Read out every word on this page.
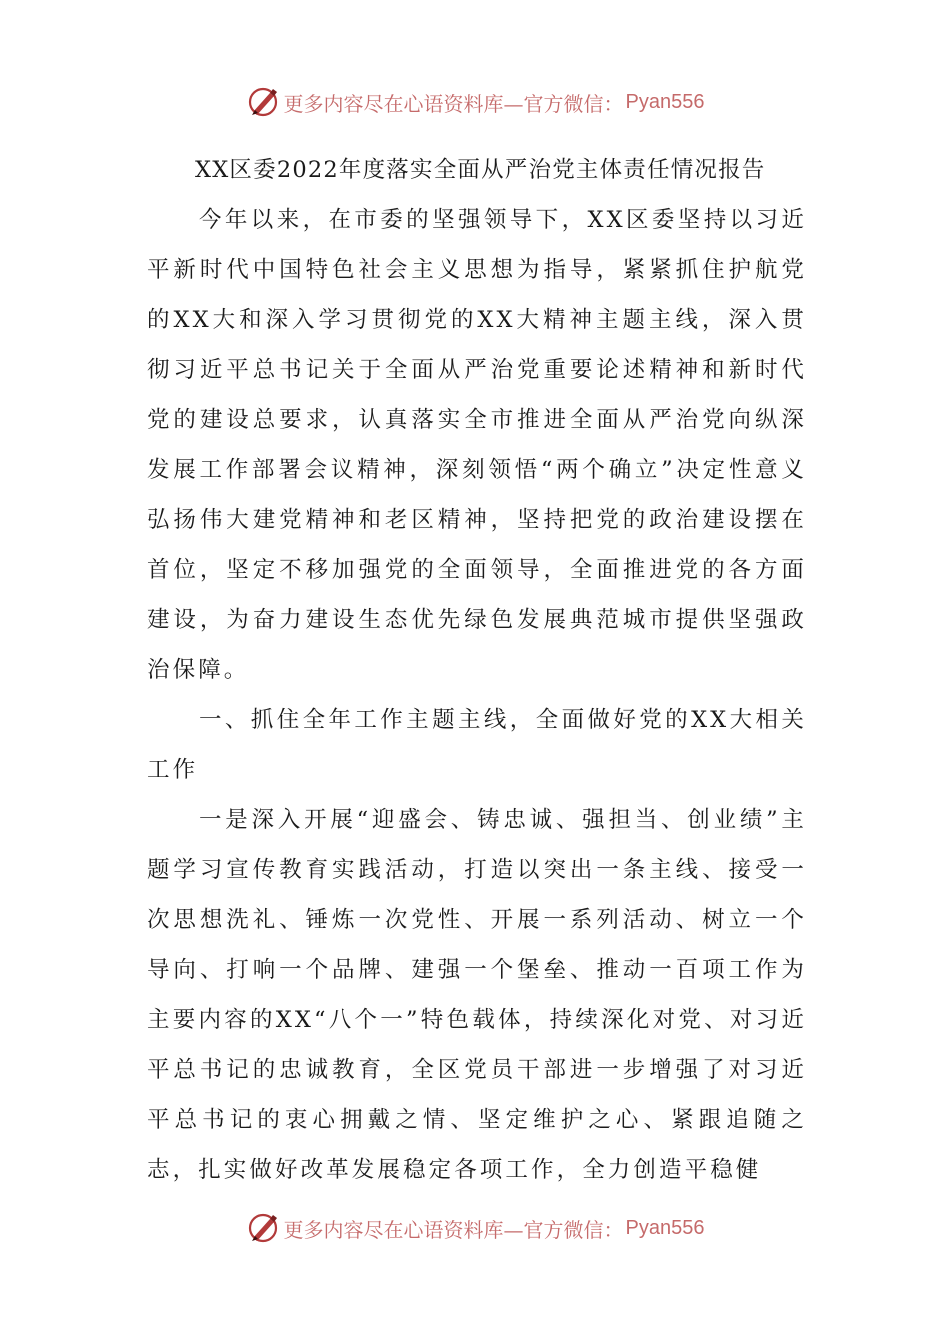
更多内容尽在心语资料库—官方微信： Pyan556
XX区委2022年度落实全面从严治党主体责任情况报告

今年以来，在市委的坚强领导下，XX区委坚持以习近平新时代中国特色社会主义思想为指导，紧紧抓住护航党的XX大和深入学习贯彻党的XX大精神主题主线，深入贯彻习近平总书记关于全面从严治党重要论述精神和新时代党的建设总要求，认真落实全市推进全面从严治党向纵深发展工作部署会议精神，深刻领悟“两个确立”决定性意义弘扬伟大建党精神和老区精神，坚持把党的政治建设摆在首位，坚定不移加强党的全面领导，全面推进党的各方面建设，为奋力建设生态优先绿色发展典范城市提供坚强政治保障。

一、抓住全年工作主题主线，全面做好党的XX大相关工作

一是深入开展“迎盛会、铸忠诚、强担当、创业绩”主题学习宣传教育实践活动，打造以突出一条主线、接受一次思想洗礼、锤炼一次党性、开展一系列活动、树立一个导向、打响一个品牌、建强一个堡垒、推动一百项工作为主要内容的XX“八个一”特色载体，持续深化对党、对习近平总书记的忠诚教育，全区党员干部进一步增强了对习近平总书记的衷心拥戴之情、坚定维护之心、紧跟追随之志，扎实做好改革发展稳定各项工作，全力创造平稳健

更多内容尽在心语资料库—官方微信： Pyan556
